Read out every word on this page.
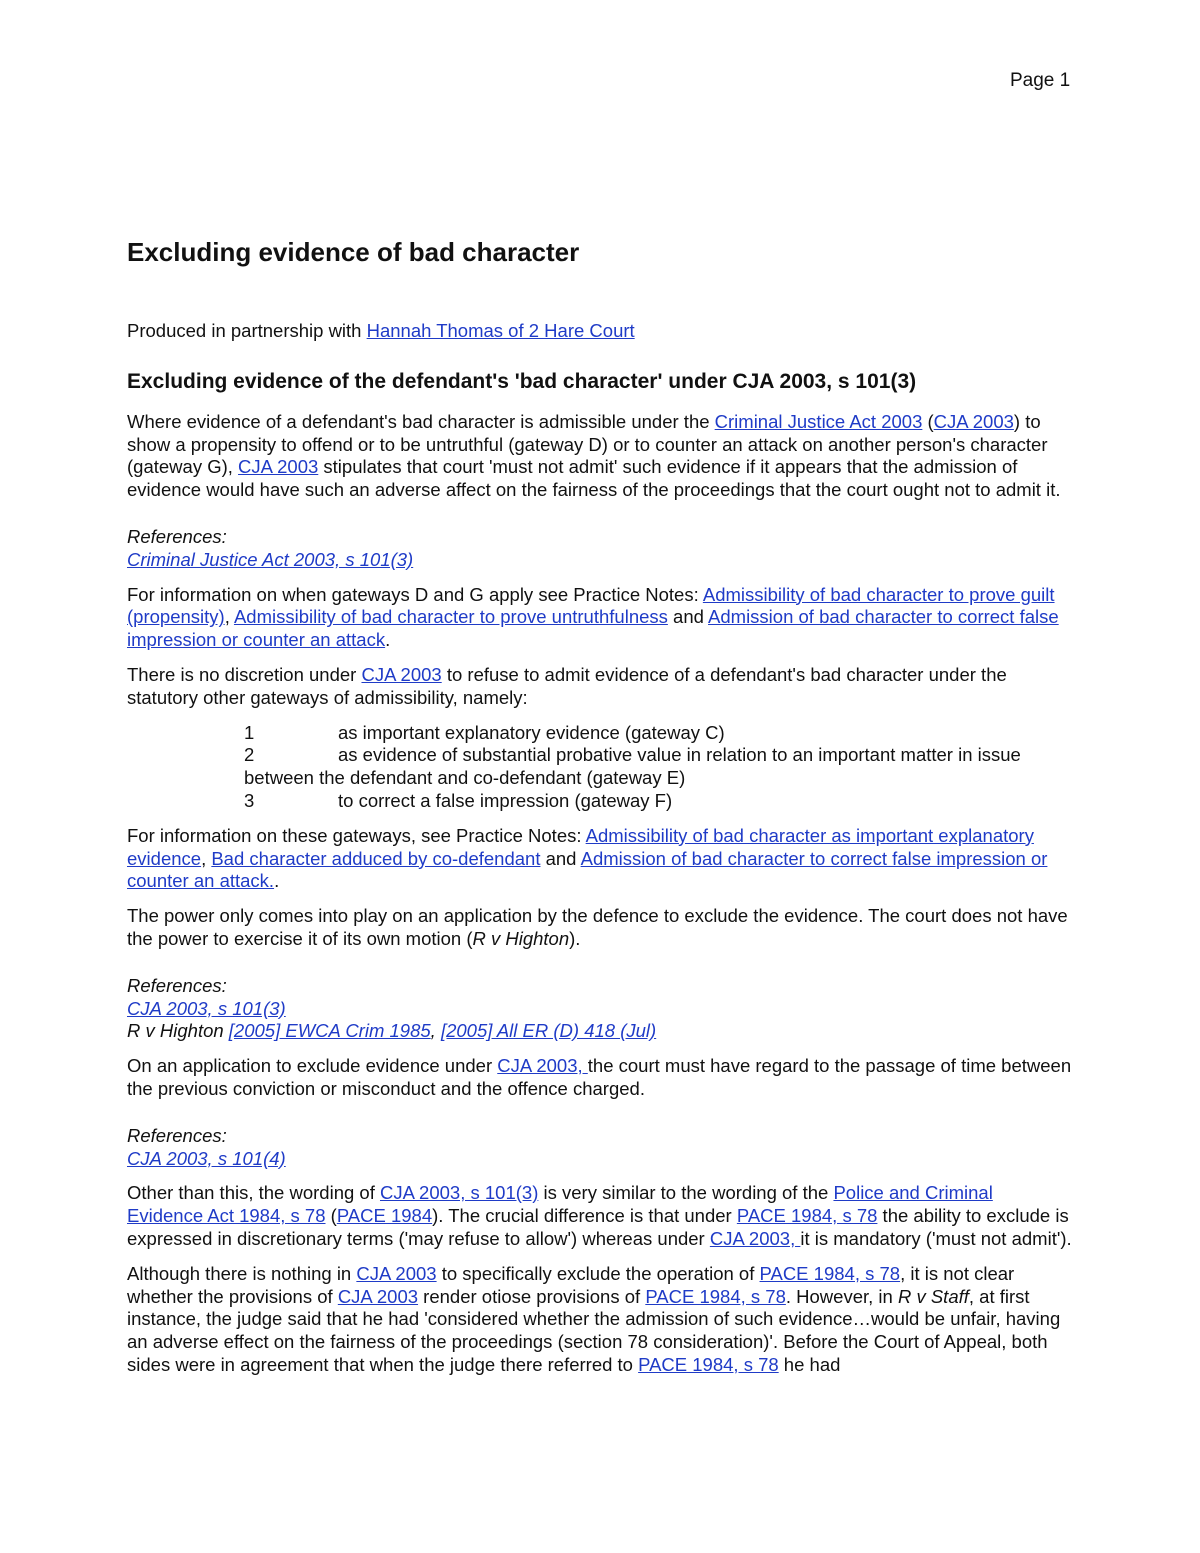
Page 1
Excluding evidence of bad character

Produced in partnership with Hannah Thomas of 2 Hare Court

Excluding evidence of the defendant's 'bad character' under CJA 2003, s 101(3)

Where evidence of a defendant's bad character is admissible under the Criminal Justice Act 2003 (CJA 2003) to show a propensity to offend or to be untruthful (gateway D) or to counter an attack on another person's character (gateway G), CJA 2003 stipulates that court 'must not admit' such evidence if it appears that the admission of evidence would have such an adverse affect on the fairness of the proceedings that the court ought not to admit it.

References:
Criminal Justice Act 2003, s 101(3)

For information on when gateways D and G apply see Practice Notes: Admissibility of bad character to prove guilt (propensity), Admissibility of bad character to prove untruthfulness and Admission of bad character to correct false impression or counter an attack.

There is no discretion under CJA 2003 to refuse to admit evidence of a defendant's bad character under the statutory other gateways of admissibility, namely:

1	as important explanatory evidence (gateway C)
2	as evidence of substantial probative value in relation to an important matter in issue between the defendant and co-defendant (gateway E)
3	to correct a false impression (gateway F)

For information on these gateways, see Practice Notes: Admissibility of bad character as important explanatory evidence, Bad character adduced by co-defendant and Admission of bad character to correct false impression or counter an attack..

The power only comes into play on an application by the defence to exclude the evidence. The court does not have the power to exercise it of its own motion (R v Highton).

References:
CJA 2003, s 101(3)
R v Highton [2005] EWCA Crim 1985, [2005] All ER (D) 418 (Jul)

On an application to exclude evidence under CJA 2003, the court must have regard to the passage of time between the previous conviction or misconduct and the offence charged.

References:
CJA 2003, s 101(4)

Other than this, the wording of CJA 2003, s 101(3) is very similar to the wording of the Police and Criminal Evidence Act 1984, s 78 (PACE 1984). The crucial difference is that under PACE 1984, s 78 the ability to exclude is expressed in discretionary terms ('may refuse to allow') whereas under CJA 2003, it is mandatory ('must not admit').

Although there is nothing in CJA 2003 to specifically exclude the operation of PACE 1984, s 78, it is not clear whether the provisions of CJA 2003 render otiose provisions of PACE 1984, s 78. However, in R v Staff, at first instance, the judge said that he had 'considered whether the admission of such evidence…would be unfair, having an adverse effect on the fairness of the proceedings (section 78 consideration)'. Before the Court of Appeal, both sides were in agreement that when the judge there referred to PACE 1984, s 78 he had
